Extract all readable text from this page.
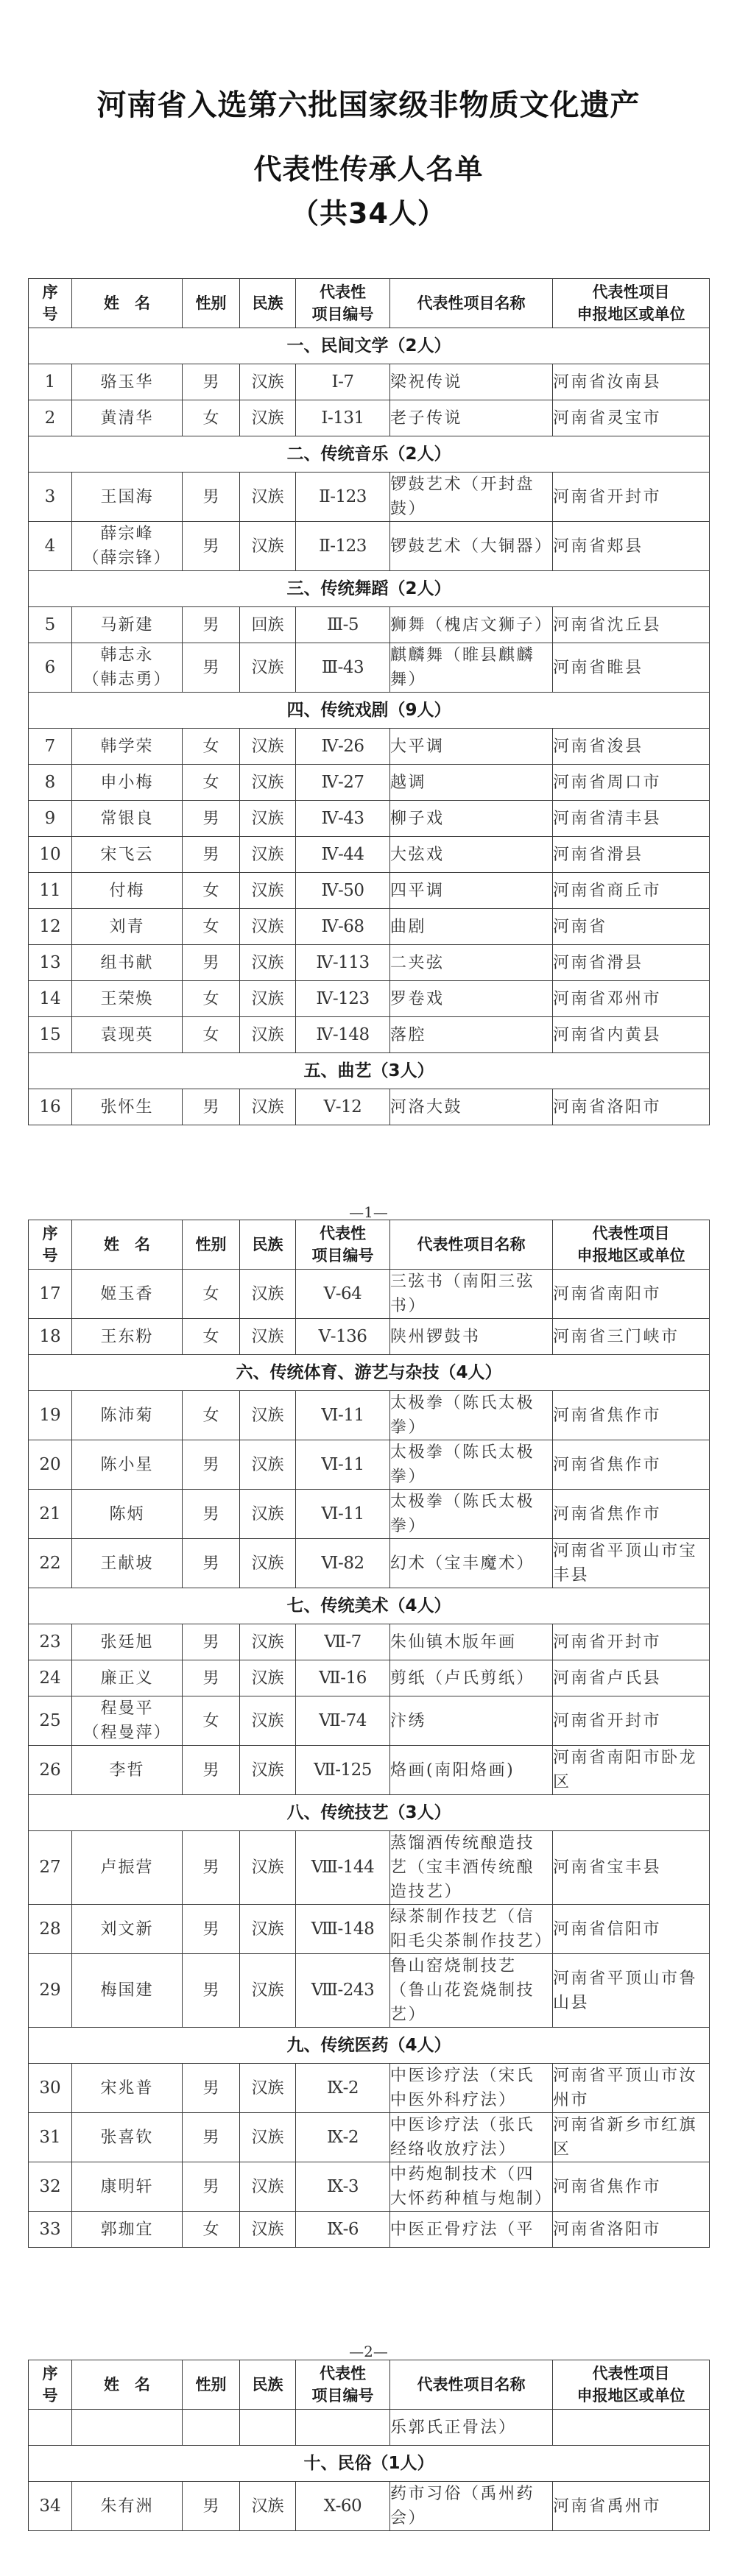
河南省入选第六批国家级非物质文化遗产
代表性传承人名单
（共34人）
序
号	姓　名	性别	民族	代表性
项目编号	代表性项目名称	代表性项目
申报地区或单位
一、民间文学（2人）						
1	骆玉华	男	汉族	Ⅰ-7	梁祝传说	河南省汝南县
2	黄清华	女	汉族	Ⅰ-131	老子传说	河南省灵宝市
二、传统音乐（2人）						
3	王国海	男	汉族	Ⅱ-123	锣鼓艺术（开封盘鼓）	河南省开封市
4	薛宗峰
（薛宗锋）	男	汉族	Ⅱ-123	锣鼓艺术（大铜器）	河南省郏县
三、传统舞蹈（2人）						
5	马新建	男	回族	Ⅲ-5	狮舞（槐店文狮子）	河南省沈丘县
6	韩志永
（韩志勇）	男	汉族	Ⅲ-43	麒麟舞（睢县麒麟舞）	河南省睢县
四、传统戏剧（9人）						
7	韩学荣	女	汉族	Ⅳ-26	大平调	河南省浚县
8	申小梅	女	汉族	Ⅳ-27	越调	河南省周口市
9	常银良	男	汉族	Ⅳ-43	柳子戏	河南省清丰县
10	宋飞云	男	汉族	Ⅳ-44	大弦戏	河南省滑县
11	付梅	女	汉族	Ⅳ-50	四平调	河南省商丘市
12	刘青	女	汉族	Ⅳ-68	曲剧	河南省
13	组书献	男	汉族	Ⅳ-113	二夹弦	河南省滑县
14	王荣焕	女	汉族	Ⅳ-123	罗卷戏	河南省邓州市
15	袁现英	女	汉族	Ⅳ-148	落腔	河南省内黄县
五、曲艺（3人）						
16	张怀生	男	汉族	Ⅴ-12	河洛大鼓	河南省洛阳市
—1—
序
号	姓　名	性别	民族	代表性
项目编号	代表性项目名称	代表性项目
申报地区或单位
17	姬玉香	女	汉族	Ⅴ-64	三弦书（南阳三弦书）	河南省南阳市
18	王东粉	女	汉族	Ⅴ-136	陕州锣鼓书	河南省三门峡市
六、传统体育、游艺与杂技（4人）						
19	陈沛菊	女	汉族	Ⅵ-11	太极拳（陈氏太极拳）	河南省焦作市
20	陈小星	男	汉族	Ⅵ-11	太极拳（陈氏太极拳）	河南省焦作市
21	陈炳	男	汉族	Ⅵ-11	太极拳（陈氏太极拳）	河南省焦作市
22	王献坡	男	汉族	Ⅵ-82	幻术（宝丰魔术）	河南省平顶山市宝丰县
七、传统美术（4人）						
23	张廷旭	男	汉族	Ⅶ-7	朱仙镇木版年画	河南省开封市
24	廉正义	男	汉族	Ⅶ-16	剪纸（卢氏剪纸）	河南省卢氏县
25	程曼平
（程曼萍）	女	汉族	Ⅶ-74	汴绣	河南省开封市
26	李哲	男	汉族	Ⅶ-125	烙画(南阳烙画)	河南省南阳市卧龙区
八、传统技艺（3人）						
27	卢振营	男	汉族	Ⅷ-144	蒸馏酒传统酿造技艺（宝丰酒传统酿造技艺）	河南省宝丰县
28	刘文新	男	汉族	Ⅷ-148	绿茶制作技艺（信阳毛尖茶制作技艺）	河南省信阳市
29	梅国建	男	汉族	Ⅷ-243	鲁山窑烧制技艺（鲁山花瓷烧制技艺）	河南省平顶山市鲁山县
九、传统医药（4人）						
30	宋兆普	男	汉族	Ⅸ-2	中医诊疗法（宋氏中医外科疗法）	河南省平顶山市汝州市
31	张喜钦	男	汉族	Ⅸ-2	中医诊疗法（张氏经络收放疗法）	河南省新乡市红旗区
32	康明轩	男	汉族	Ⅸ-3	中药炮制技术（四大怀药种植与炮制）	河南省焦作市
33	郭珈宜	女	汉族	Ⅸ-6	中医正骨疗法（平	河南省洛阳市
—2—
序
号	姓　名	性别	民族	代表性
项目编号	代表性项目名称	代表性项目
申报地区或单位
					乐郭氏正骨法）	
十、民俗（1人）						
34	朱有洲	男	汉族	Ⅹ-60	药市习俗（禹州药会）	河南省禹州市
